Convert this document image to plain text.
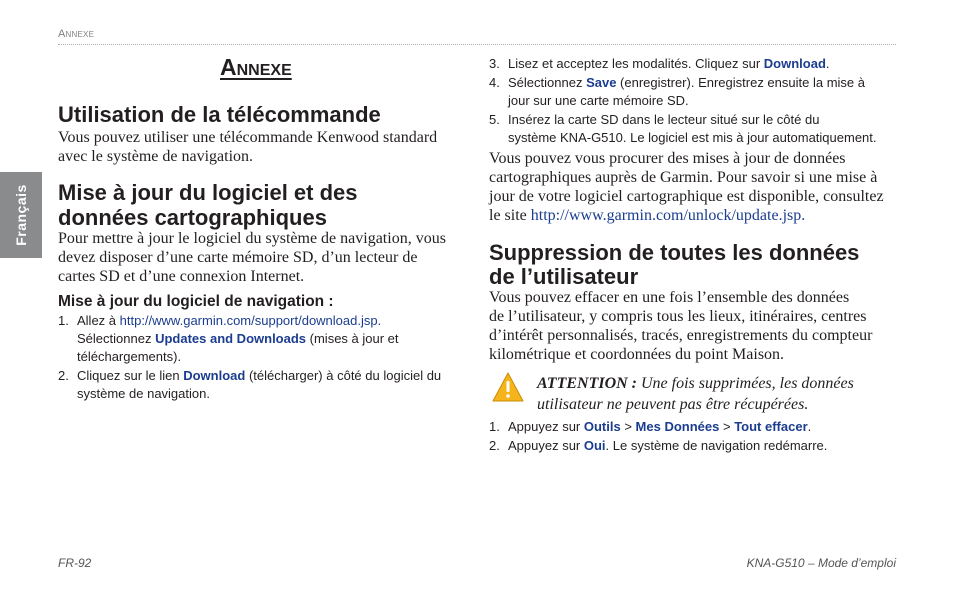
Annexe
Français
Annexe
Utilisation de la télécommande

Vous pouvez utiliser une télécommande Kenwood standard

avec le système de navigation.

Mise à jour du logiciel et des
données cartographiques

Pour mettre à jour le logiciel du système de navigation, vous

devez disposer d’une carte mémoire SD, d’un lecteur de

cartes SD et d’une connexion Internet.

Mise à jour du logiciel de navigation :
1. Allez à http://www.garmin.com/support/download.jsp.
Sélectionnez Updates and Downloads (mises à jour et
téléchargements).
2. Cliquez sur le lien Download (télécharger) à côté du logiciel du
système de navigation.
3. Lisez et acceptez les modalités. Cliquez sur Download.
4. Sélectionnez Save (enregistrer). Enregistrez ensuite la mise à
jour sur une carte mémoire SD.
5. Insérez la carte SD dans le lecteur situé sur le côté du
système KNA-G510. Le logiciel est mis à jour automatiquement.

Vous pouvez vous procurer des mises à jour de données

cartographiques auprès de Garmin. Pour savoir si une mise à

jour de votre logiciel cartographique est disponible, consultez

le site http://www.garmin.com/unlock/update.jsp.

Suppression de toutes les données
de l’utilisateur

Vous pouvez effacer en une fois l’ensemble des données

de l’utilisateur, y compris tous les lieux, itinéraires, centres

d’intérêt personnalisés, tracés, enregistrements du compteur

kilométrique et coordonnées du point Maison.

ATTENTION : Une fois supprimées, les données
utilisateur ne peuvent pas être récupérées.
1. Appuyez sur Outils > Mes Données > Tout effacer.
2. Appuyez sur Oui. Le système de navigation redémarre.
FR-92	KNA-G510 – Mode d’emploi
